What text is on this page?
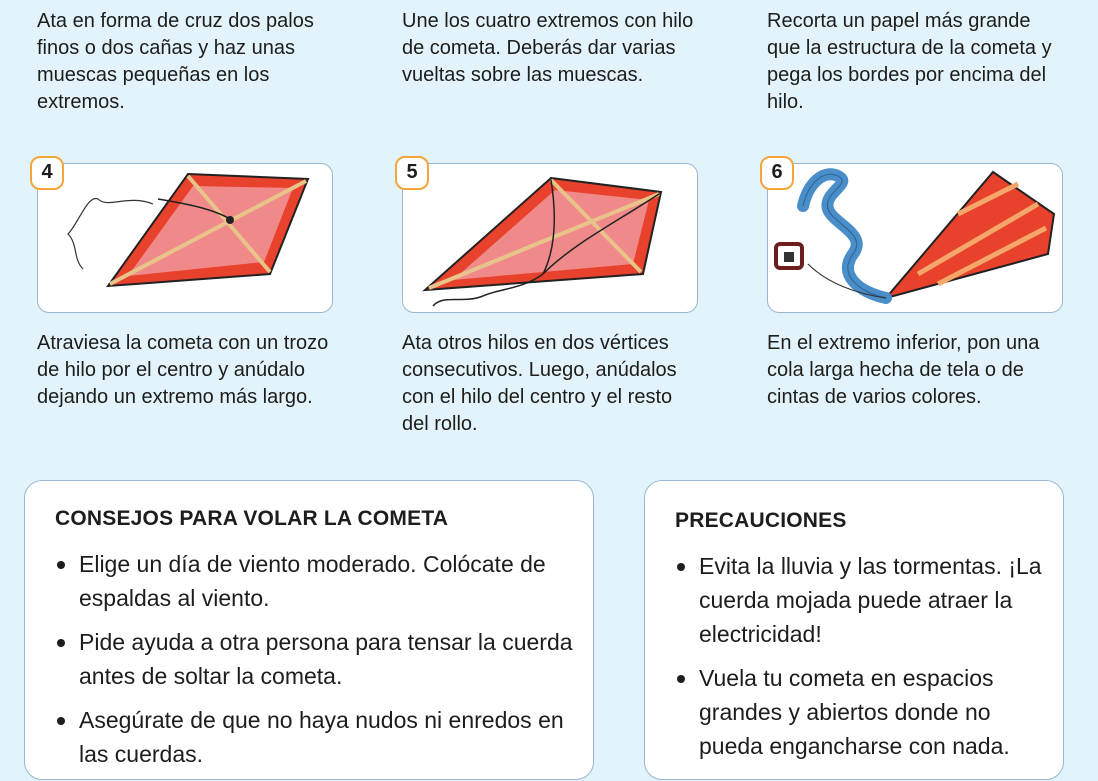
Ata en forma de cruz dos palos finos o dos cañas y haz unas muescas pequeñas en los extremos.

Une los cuatro extremos con hilo de cometa. Deberás dar varias vueltas sobre las muescas.

Recorta un papel más grande que la estructura de la cometa y pega los bordes por encima del hilo.

4	5	6

Atraviesa la cometa con un trozo de hilo por el centro y anúdalo dejando un extremo más largo.

Ata otros hilos en dos vértices consecutivos. Luego, anúdalos con el hilo del centro y el resto del rollo.

En el extremo inferior, pon una cola larga hecha de tela o de cintas de varios colores.

CONSEJOS PARA VOLAR LA COMETA
Elige un día de viento moderado. Colócate de espaldas al viento.
Pide ayuda a otra persona para tensar la cuerda antes de soltar la cometa.
Asegúrate de que no haya nudos ni enredos en las cuerdas.
PRECAUCIONES
Evita la lluvia y las tormentas. ¡La cuerda mojada puede atraer la electricidad!
Vuela tu cometa en espacios grandes y abiertos donde no pueda engancharse con nada.
